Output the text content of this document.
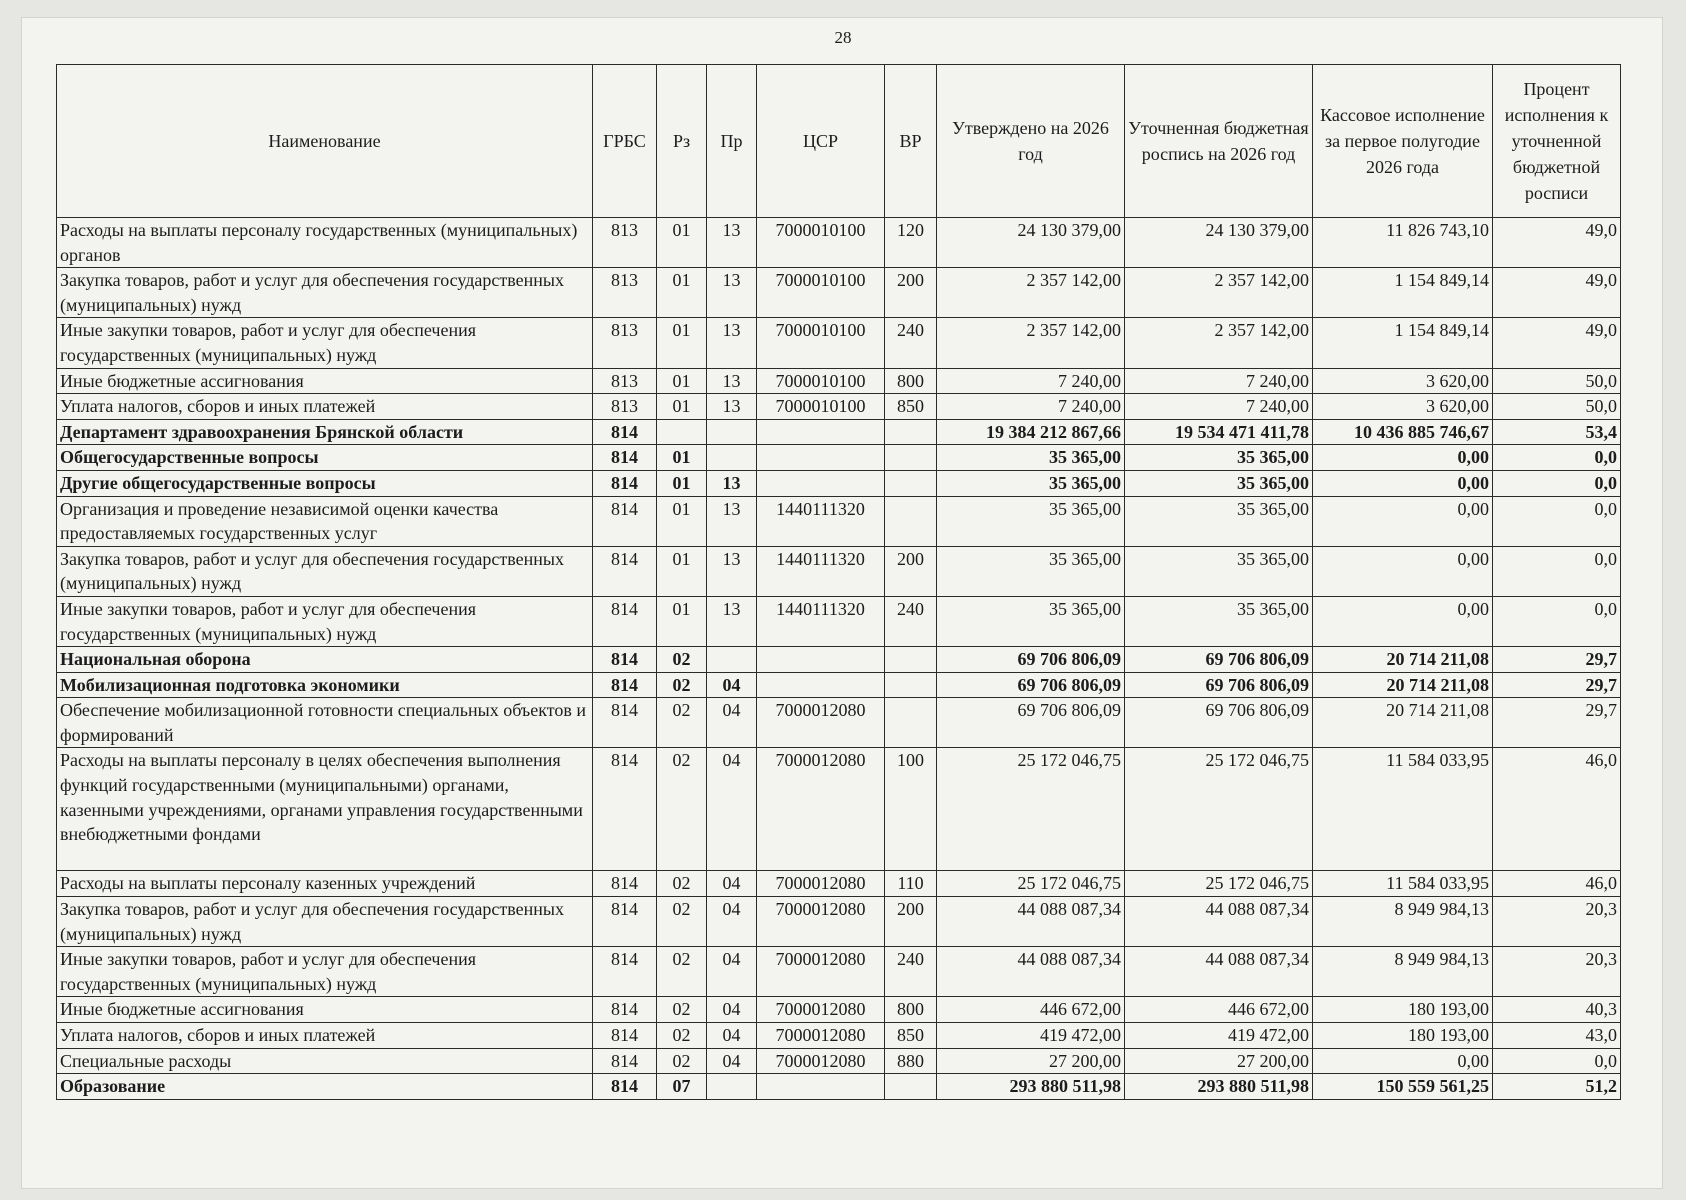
28
Наименование	ГРБС	Рз	Пр	ЦСР	ВР	Утверждено на 2026 год	Уточненная бюджетная роспись на 2026 год	Кассовое исполнение за первое полугодие 2026 года	Процент исполнения к уточненной бюджетной росписи
Расходы на выплаты персоналу государственных (муниципальных) органов	813	01	13	7000010100	120	24 130 379,00	24 130 379,00	11 826 743,10	49,0
Закупка товаров, работ и услуг для обеспечения государственных (муниципальных) нужд	813	01	13	7000010100	200	2 357 142,00	2 357 142,00	1 154 849,14	49,0
Иные закупки товаров, работ и услуг для обеспечения государственных (муниципальных) нужд	813	01	13	7000010100	240	2 357 142,00	2 357 142,00	1 154 849,14	49,0
Иные бюджетные ассигнования	813	01	13	7000010100	800	7 240,00	7 240,00	3 620,00	50,0
Уплата налогов, сборов и иных платежей	813	01	13	7000010100	850	7 240,00	7 240,00	3 620,00	50,0
Департамент здравоохранения Брянской области	814					19 384 212 867,66	19 534 471 411,78	10 436 885 746,67	53,4
Общегосударственные вопросы	814	01				35 365,00	35 365,00	0,00	0,0
Другие общегосударственные вопросы	814	01	13			35 365,00	35 365,00	0,00	0,0
Организация и проведение независимой оценки качества предоставляемых государственных услуг	814	01	13	1440111320		35 365,00	35 365,00	0,00	0,0
Закупка товаров, работ и услуг для обеспечения государственных (муниципальных) нужд	814	01	13	1440111320	200	35 365,00	35 365,00	0,00	0,0
Иные закупки товаров, работ и услуг для обеспечения государственных (муниципальных) нужд	814	01	13	1440111320	240	35 365,00	35 365,00	0,00	0,0
Национальная оборона	814	02				69 706 806,09	69 706 806,09	20 714 211,08	29,7
Мобилизационная подготовка экономики	814	02	04			69 706 806,09	69 706 806,09	20 714 211,08	29,7
Обеспечение мобилизационной готовности специальных объектов и формирований	814	02	04	7000012080		69 706 806,09	69 706 806,09	20 714 211,08	29,7
Расходы на выплаты персоналу в целях обеспечения выполнения функций государственными (муниципальными) органами, казенными учреждениями, органами управления государственными внебюджетными фондами	814	02	04	7000012080	100	25 172 046,75	25 172 046,75	11 584 033,95	46,0
Расходы на выплаты персоналу казенных учреждений	814	02	04	7000012080	110	25 172 046,75	25 172 046,75	11 584 033,95	46,0
Закупка товаров, работ и услуг для обеспечения государственных (муниципальных) нужд	814	02	04	7000012080	200	44 088 087,34	44 088 087,34	8 949 984,13	20,3
Иные закупки товаров, работ и услуг для обеспечения государственных (муниципальных) нужд	814	02	04	7000012080	240	44 088 087,34	44 088 087,34	8 949 984,13	20,3
Иные бюджетные ассигнования	814	02	04	7000012080	800	446 672,00	446 672,00	180 193,00	40,3
Уплата налогов, сборов и иных платежей	814	02	04	7000012080	850	419 472,00	419 472,00	180 193,00	43,0
Специальные расходы	814	02	04	7000012080	880	27 200,00	27 200,00	0,00	0,0
Образование	814	07				293 880 511,98	293 880 511,98	150 559 561,25	51,2
